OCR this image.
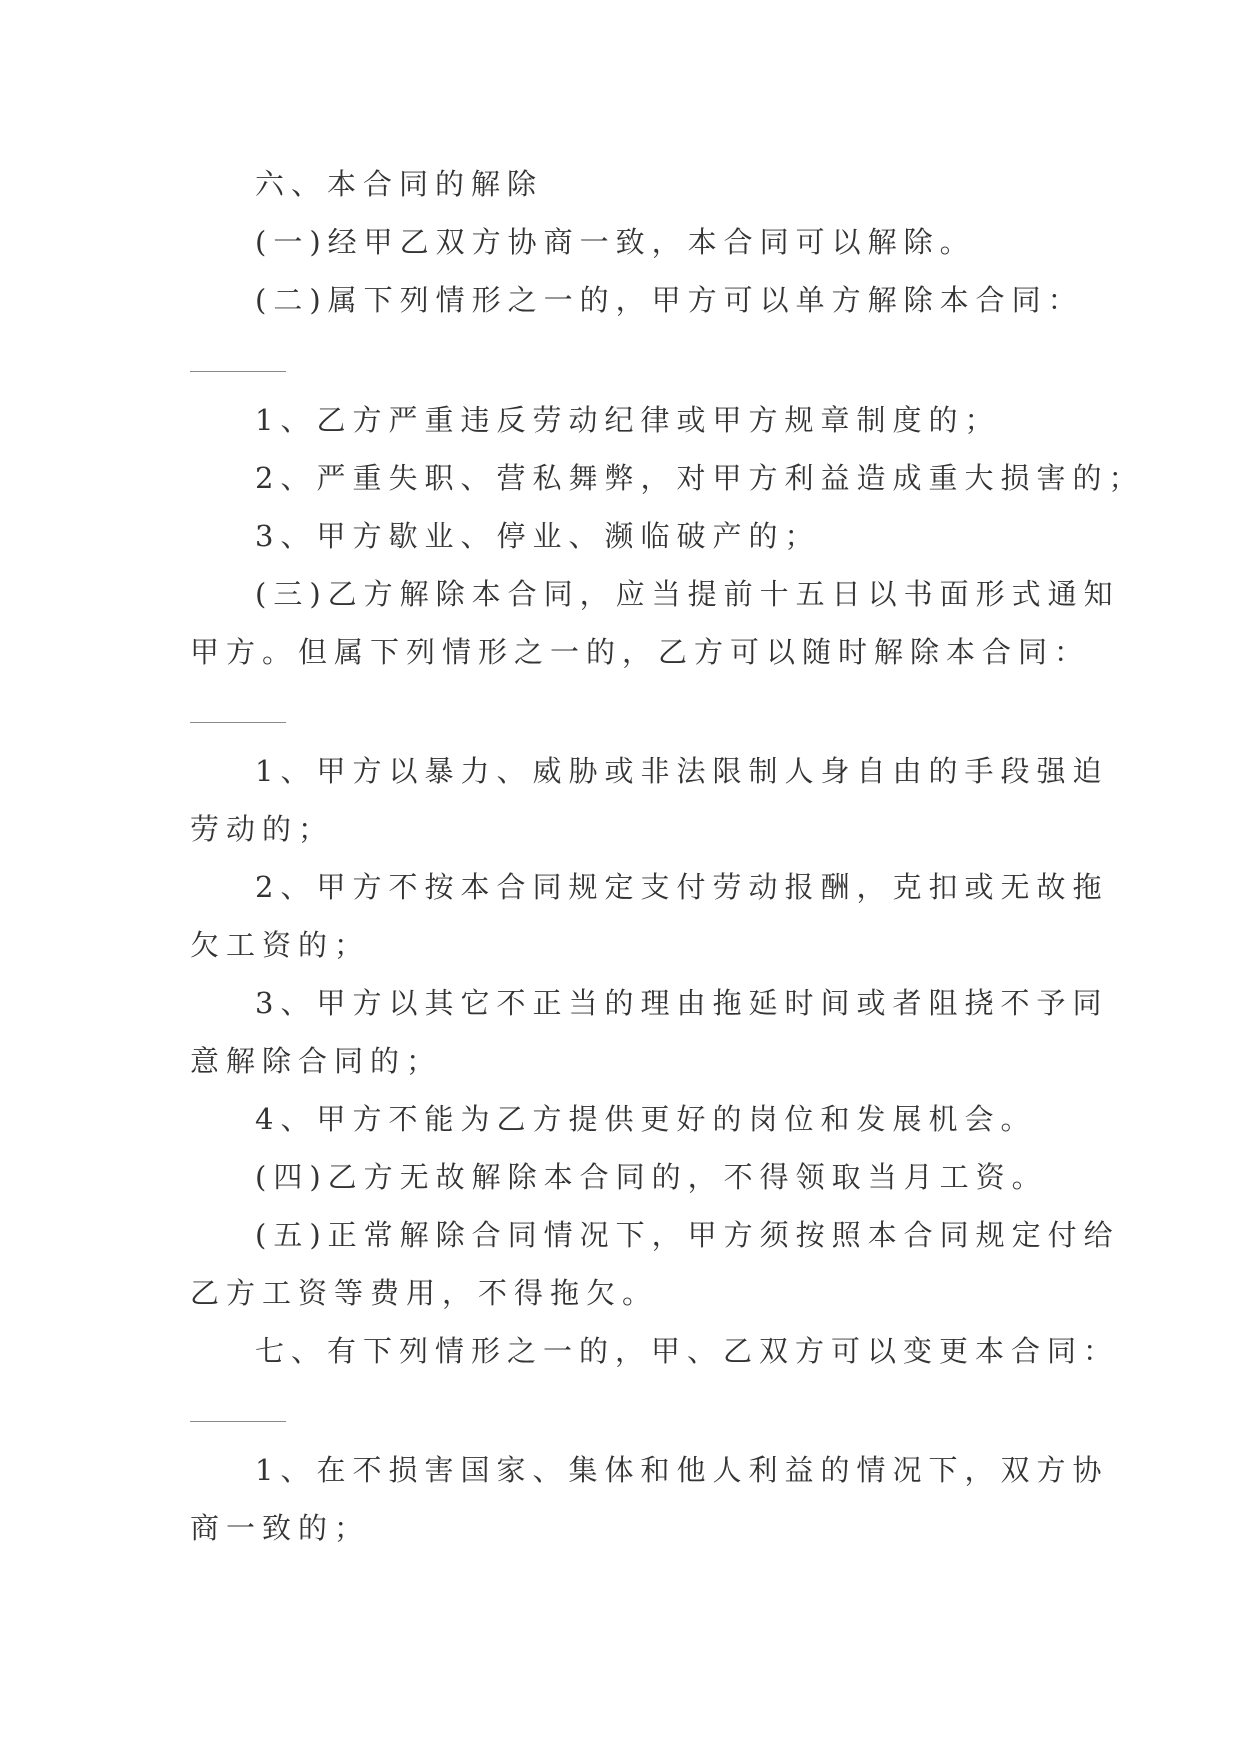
六、本合同的解除
(一)经甲乙双方协商一致，本合同可以解除。
(二)属下列情形之一的，甲方可以单方解除本合同：
1、乙方严重违反劳动纪律或甲方规章制度的；
2、严重失职、营私舞弊，对甲方利益造成重大损害的；
3、甲方歇业、停业、濒临破产的；
(三)乙方解除本合同，应当提前十五日以书面形式通知
甲方。但属下列情形之一的，乙方可以随时解除本合同：
1、甲方以暴力、威胁或非法限制人身自由的手段强迫
劳动的；
2、甲方不按本合同规定支付劳动报酬，克扣或无故拖
欠工资的；
3、甲方以其它不正当的理由拖延时间或者阻挠不予同
意解除合同的；
4、甲方不能为乙方提供更好的岗位和发展机会。
(四)乙方无故解除本合同的，不得领取当月工资。
(五)正常解除合同情况下，甲方须按照本合同规定付给
乙方工资等费用，不得拖欠。
七、有下列情形之一的，甲、乙双方可以变更本合同：
1、在不损害国家、集体和他人利益的情况下，双方协
商一致的；
